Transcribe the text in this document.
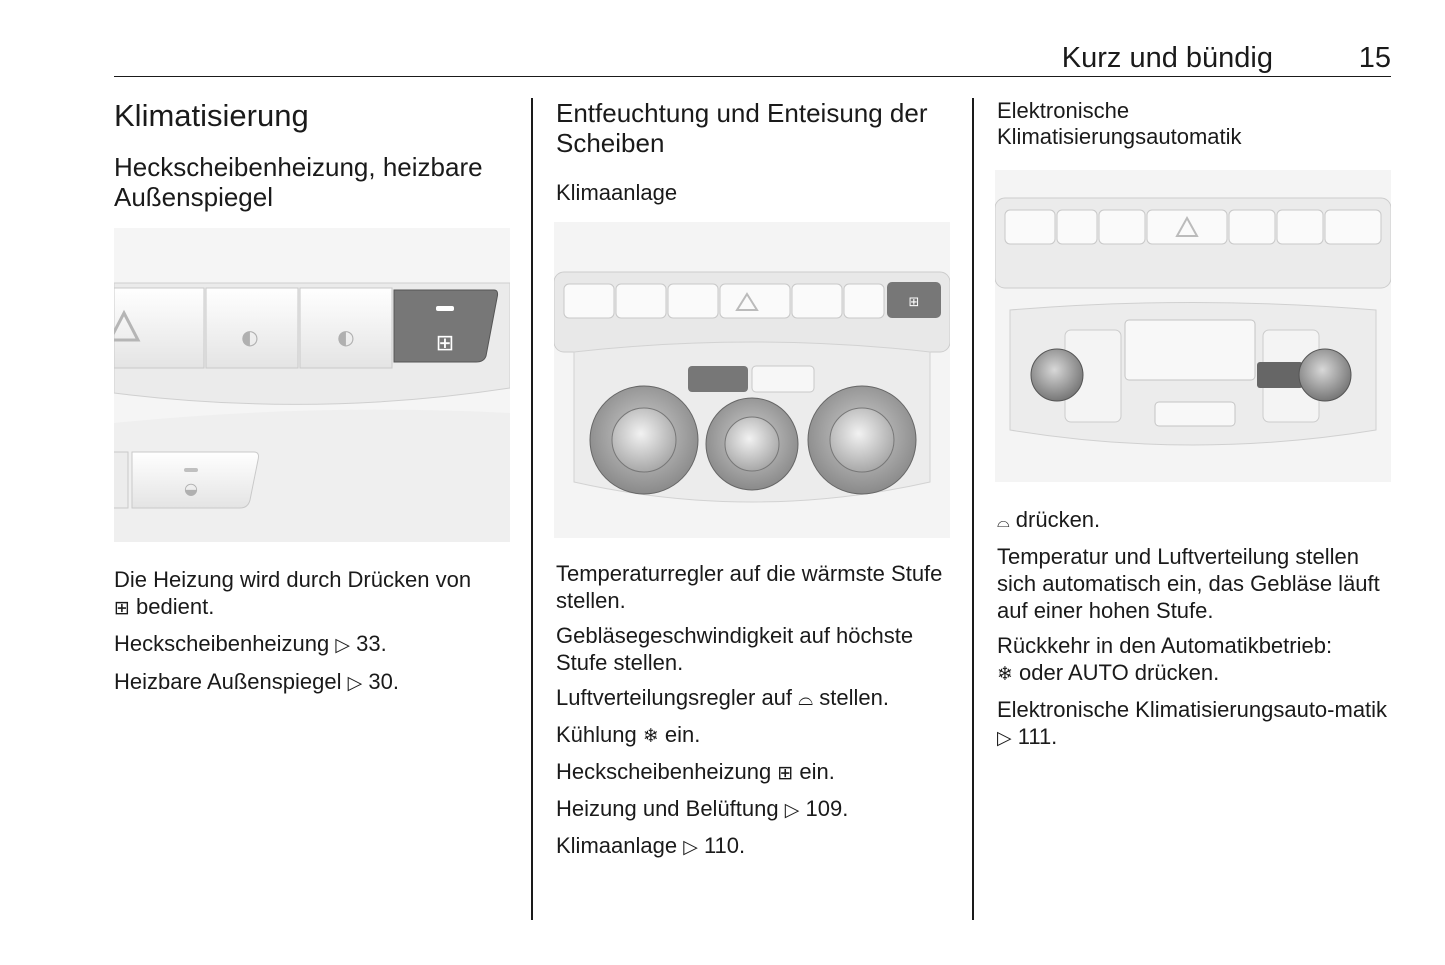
Kurz und bündig	15
Klimatisierung
Heckscheibenheizung, heizbare Außenspiegel
⊞
◐	◐
◒

Die Heizung wird durch Drücken von
⊞ bedient.

Heckscheibenheizung ▷ 33.

Heizbare Außenspiegel ▷ 30.

Entfeuchtung und Enteisung der Scheiben
Klimaanlage
⊞

Temperaturregler auf die wärmste Stufe stellen.

Gebläsegeschwindigkeit auf höchste Stufe stellen.

Luftverteilungsregler auf ⌓ stellen.

Kühlung ❄ ein.

Heckscheibenheizung ⊞ ein.

Heizung und Belüftung ▷ 109.

Klimaanlage ▷ 110.

Elektronische Klimatisierungsautomatik

⌓ drücken.

Temperatur und Luftverteilung stellen sich automatisch ein, das Gebläse läuft auf einer hohen Stufe.

Rückkehr in den Automatikbetrieb:
❄ oder AUTO drücken.

Elektronische Klimatisierungsauto-matik ▷ 111.
